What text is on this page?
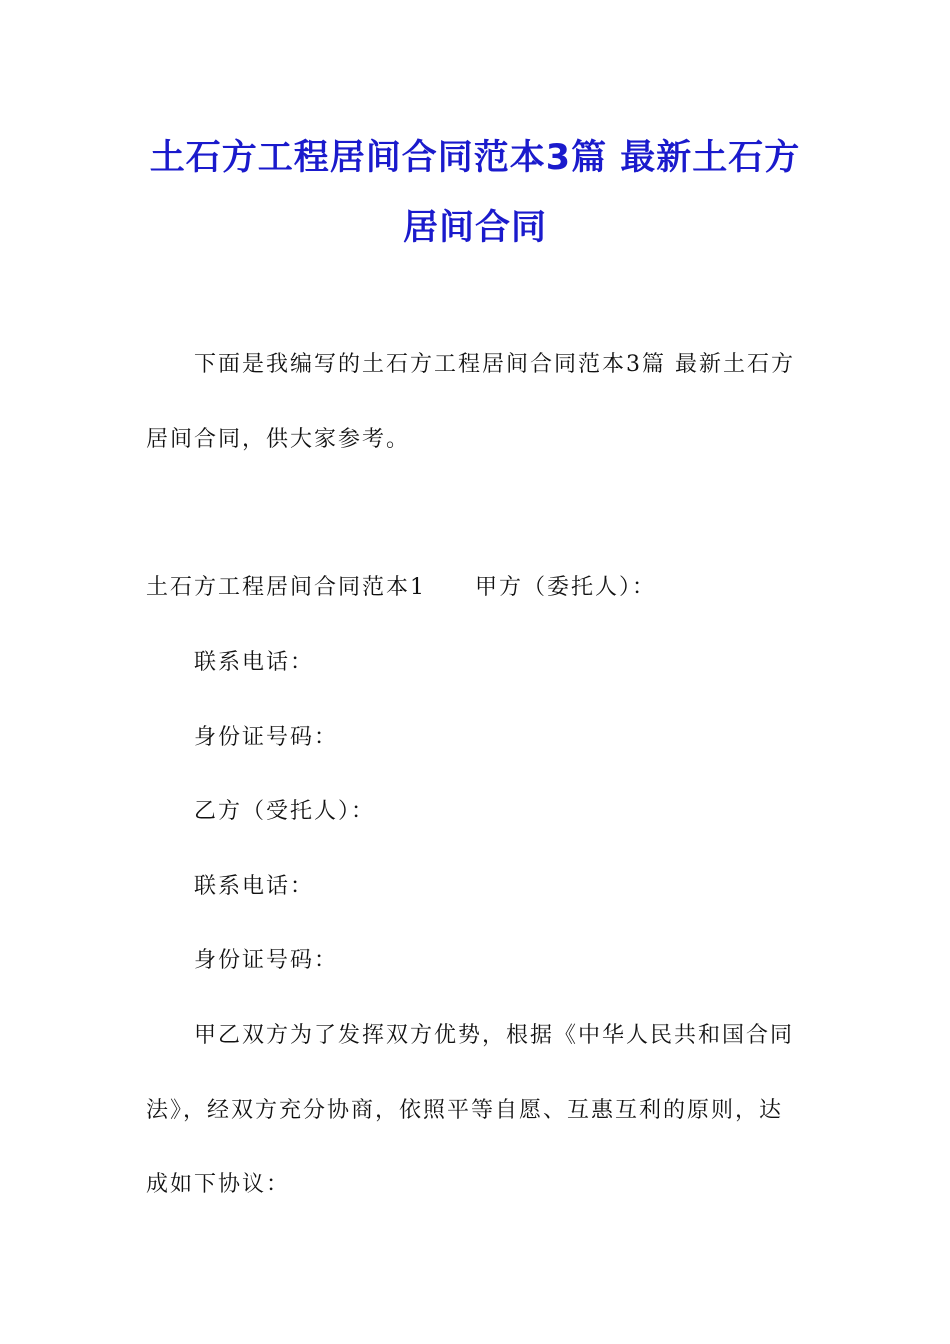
土石方工程居间合同范本3篇 最新土石方
居间合同
下面是我编写的土石方工程居间合同范本3篇 最新土石方
居间合同，供大家参考。
土石方工程居间合同范本1 甲方（委托人）：
联系电话：
身份证号码：
乙方（受托人）：
联系电话：
身份证号码：
甲乙双方为了发挥双方优势，根据《中华人民共和国合同
法》，经双方充分协商，依照平等自愿、互惠互利的原则，达
成如下协议：
